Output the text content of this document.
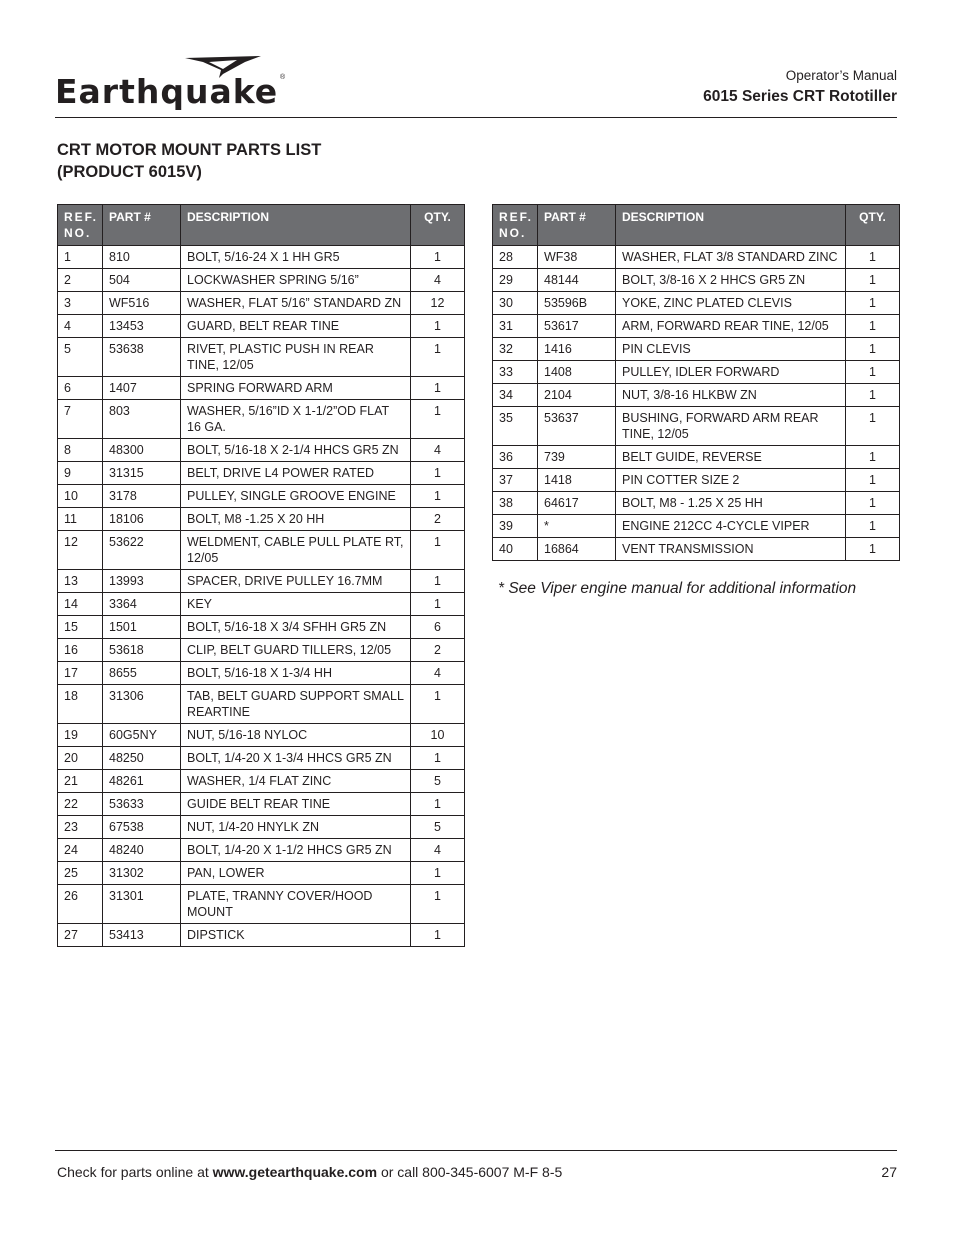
Earthquake ®	Operator’s Manual
6015 Series CRT Rototiller
CRT MOTOR MOUNT PARTS LIST
(PRODUCT 6015V)
REF. NO.	PART #	DESCRIPTION	QTY.
1	810	BOLT, 5/16-24 X 1 HH GR5	1
2	504	LOCKWASHER SPRING 5/16”	4
3	WF516	WASHER, FLAT 5/16” STANDARD ZN	12
4	13453	GUARD, BELT REAR TINE	1
5	53638	RIVET, PLASTIC PUSH IN REAR TINE, 12/05	1
6	1407	SPRING FORWARD ARM	1
7	803	WASHER, 5/16”ID X 1-1/2”OD FLAT 16 GA.	1
8	48300	BOLT, 5/16-18 X 2-1/4 HHCS GR5 ZN	4
9	31315	BELT, DRIVE L4 POWER RATED	1
10	3178	PULLEY, SINGLE GROOVE ENGINE	1
11	18106	BOLT, M8 -1.25 X 20 HH	2
12	53622	WELDMENT, CABLE PULL PLATE RT, 12/05	1
13	13993	SPACER, DRIVE PULLEY 16.7MM	1
14	3364	KEY	1
15	1501	BOLT, 5/16-18 X 3/4 SFHH GR5 ZN	6
16	53618	CLIP, BELT GUARD TILLERS, 12/05	2
17	8655	BOLT, 5/16-18 X 1-3/4 HH	4
18	31306	TAB, BELT GUARD SUPPORT SMALL REARTINE	1
19	60G5NY	NUT, 5/16-18 NYLOC	10
20	48250	BOLT, 1/4-20 X 1-3/4 HHCS GR5 ZN	1
21	48261	WASHER, 1/4 FLAT ZINC	5
22	53633	GUIDE BELT REAR TINE	1
23	67538	NUT, 1/4-20 HNYLK ZN	5
24	48240	BOLT, 1/4-20 X 1-1/2 HHCS GR5 ZN	4
25	31302	PAN, LOWER	1
26	31301	PLATE, TRANNY COVER/HOOD MOUNT	1
27	53413	DIPSTICK	1
REF. NO.	PART #	DESCRIPTION	QTY.
28	WF38	WASHER, FLAT 3/8 STANDARD ZINC	1
29	48144	BOLT, 3/8-16 X 2 HHCS GR5 ZN	1
30	53596B	YOKE, ZINC PLATED CLEVIS	1
31	53617	ARM, FORWARD REAR TINE, 12/05	1
32	1416	PIN CLEVIS	1
33	1408	PULLEY, IDLER FORWARD	1
34	2104	NUT, 3/8-16 HLKBW ZN	1
35	53637	BUSHING, FORWARD ARM REAR TINE, 12/05	1
36	739	BELT GUIDE, REVERSE	1
37	1418	PIN COTTER SIZE 2	1
38	64617	BOLT, M8 - 1.25 X 25 HH	1
39	*	ENGINE 212CC 4-CYCLE VIPER	1
40	16864	VENT TRANSMISSION	1
* See Viper engine manual for additional information
Check for parts online at www.getearthquake.com or call 800-345-6007 M-F 8-5	27
